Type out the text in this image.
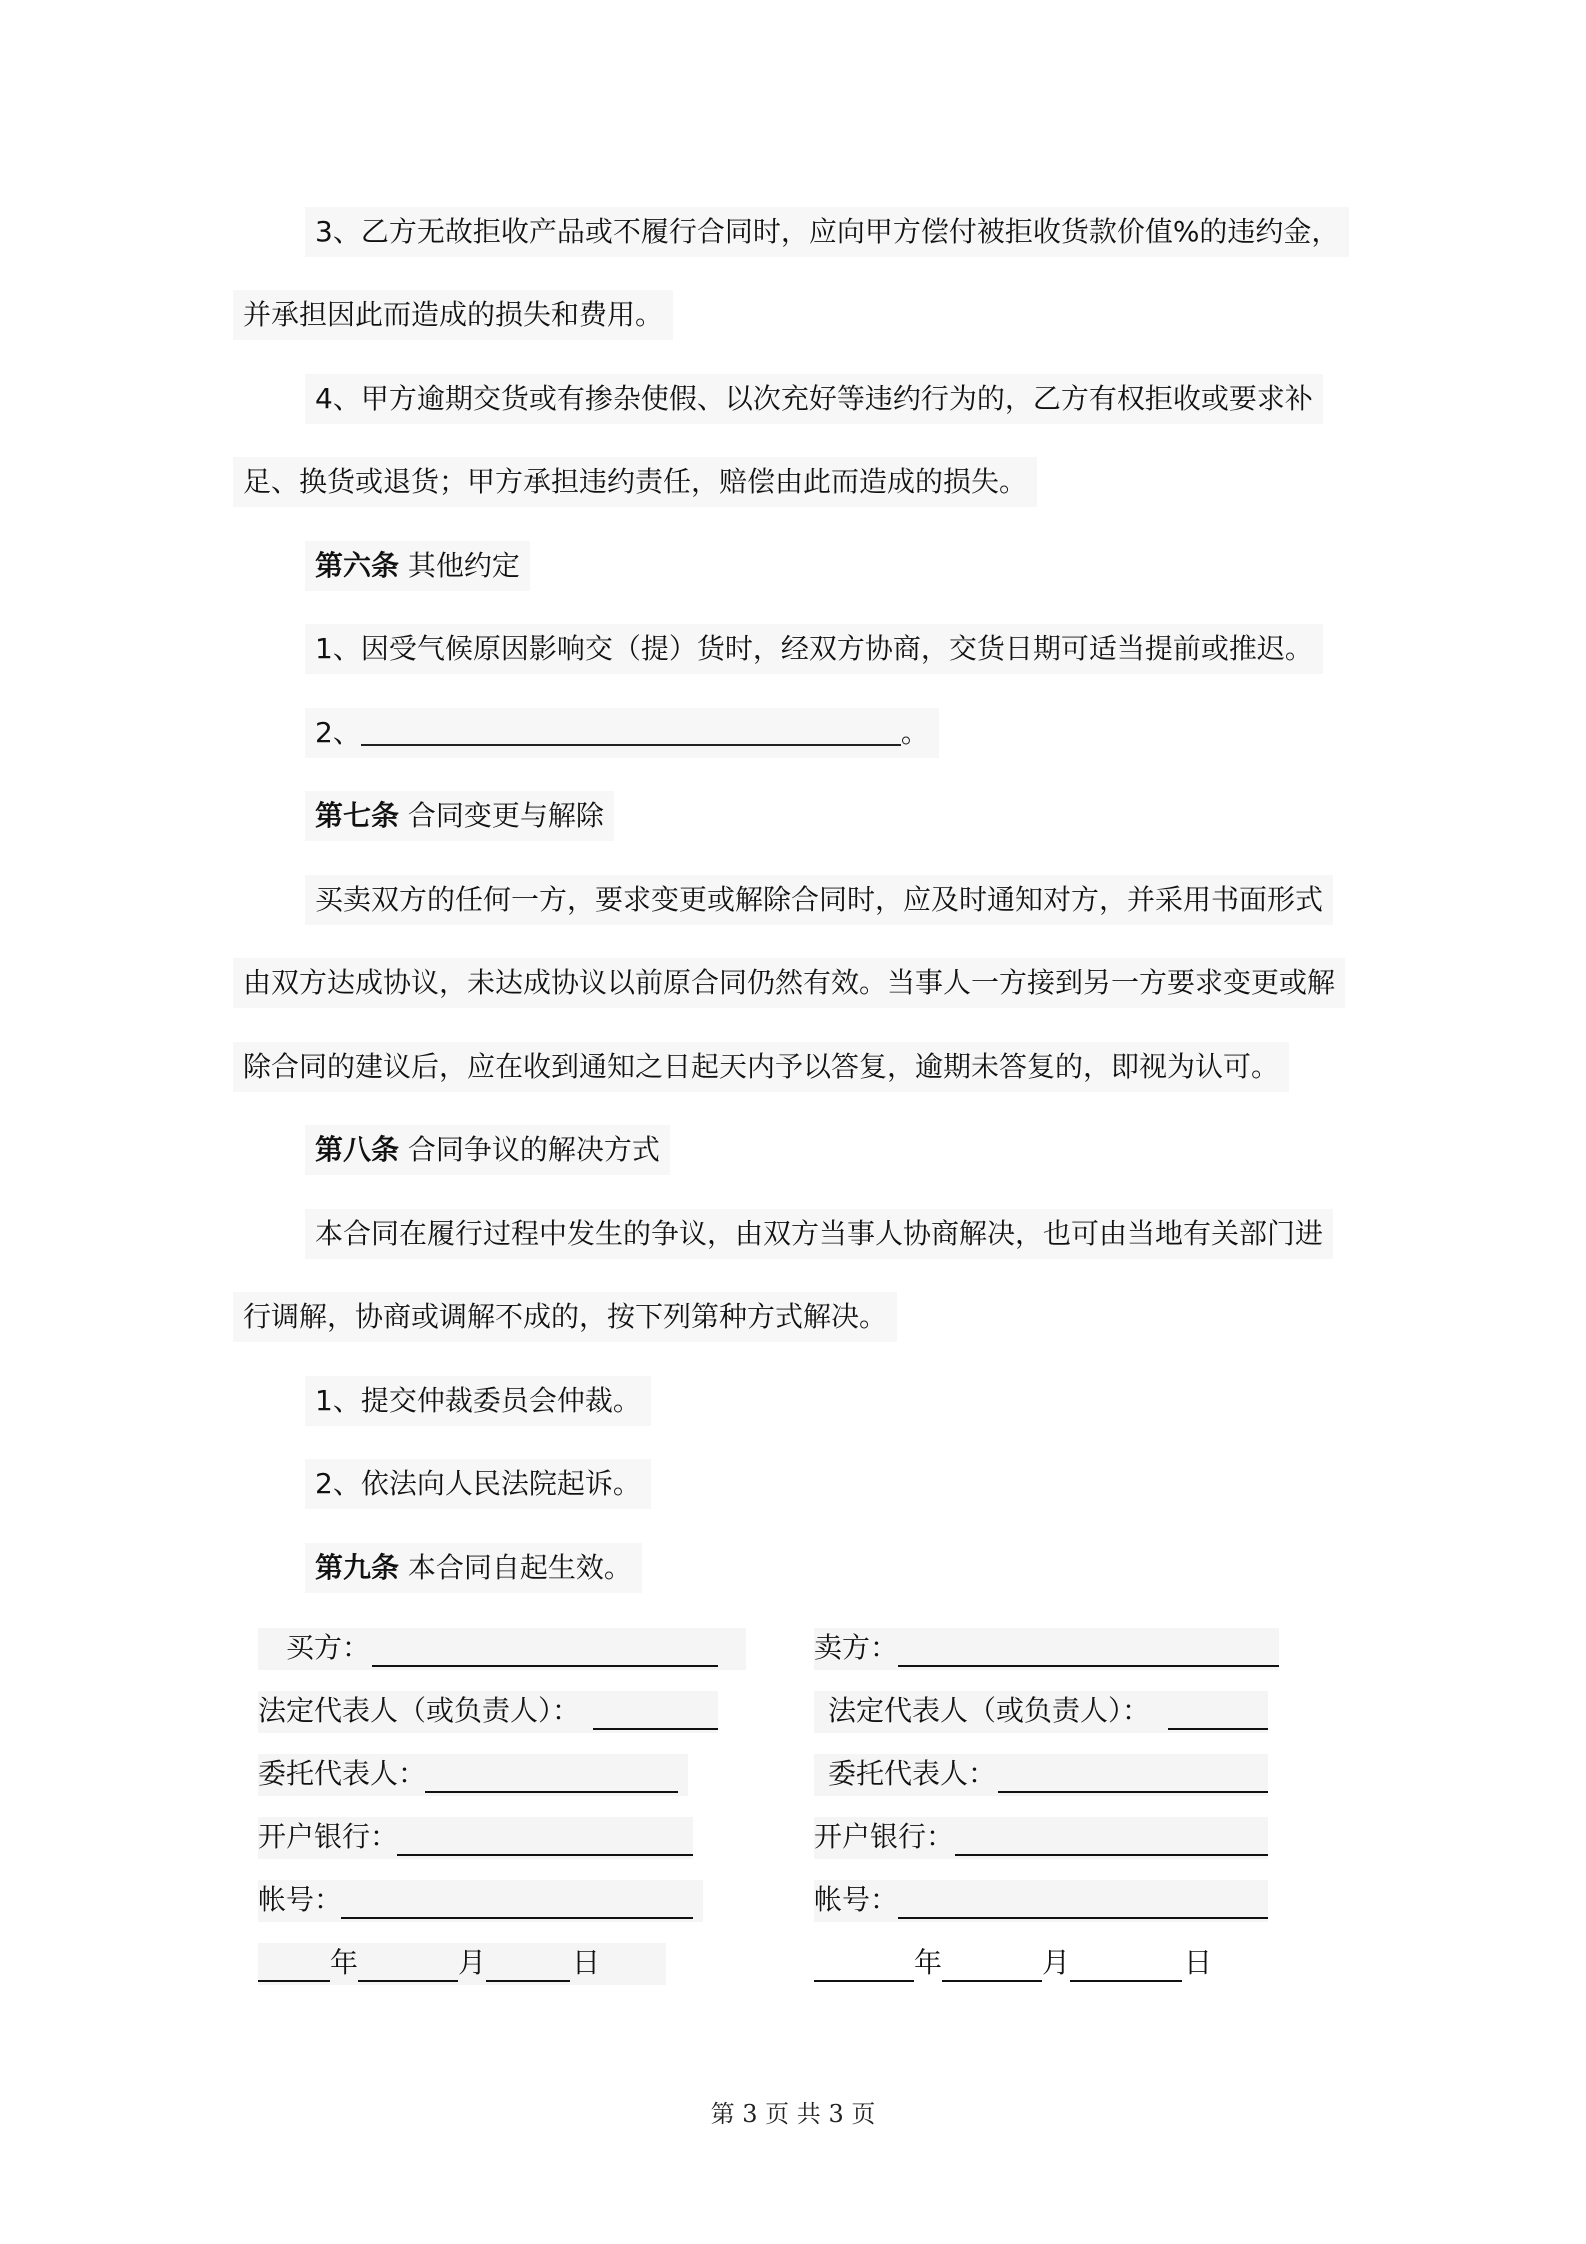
3、乙方无故拒收产品或不履行合同时，应向甲方偿付被拒收货款价值%的违约金，
并承担因此而造成的损失和费用。
4、甲方逾期交货或有掺杂使假、以次充好等违约行为的，乙方有权拒收或要求补
足、换货或退货；甲方承担违约责任，赔偿由此而造成的损失。
第六条 其他约定
1、因受气候原因影响交（提）货时，经双方协商，交货日期可适当提前或推迟。
2、	。
第七条 合同变更与解除
买卖双方的任何一方，要求变更或解除合同时，应及时通知对方，并采用书面形式
由双方达成协议，未达成协议以前原合同仍然有效。当事人一方接到另一方要求变更或解
除合同的建议后，应在收到通知之日起天内予以答复，逾期未答复的，即视为认可。
第八条 合同争议的解决方式
本合同在履行过程中发生的争议，由双方当事人协商解决，也可由当地有关部门进
行调解，协商或调解不成的，按下列第种方式解决。
1、提交仲裁委员会仲裁。
2、依法向人民法院起诉。
第九条 本合同自起生效。
买方：
法定代表人（或负责人）：
委托代表人：
开户银行：
帐号：
年	月	日
卖方：
法定代表人（或负责人）：
委托代表人：
开户银行：
帐号：
年	月	日
第 3 页 共 3 页
